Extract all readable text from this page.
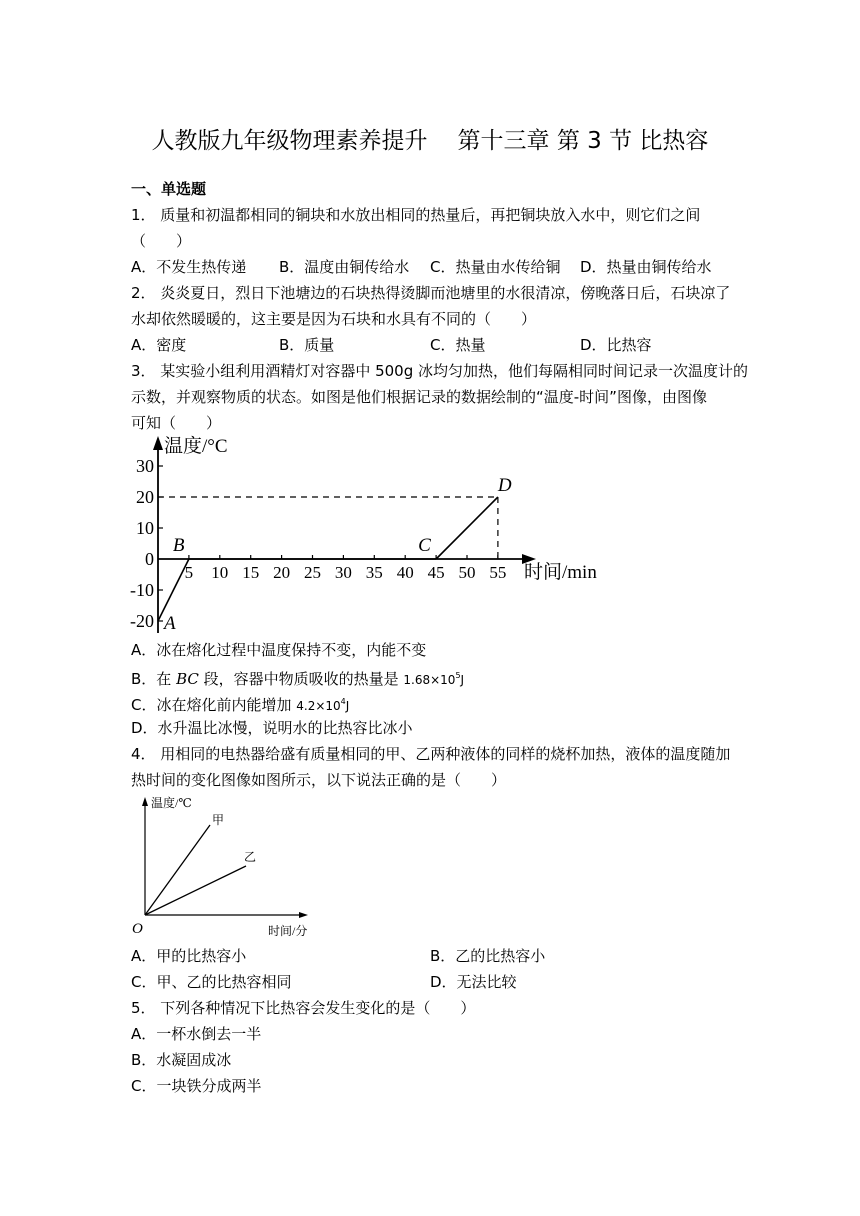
人教版九年级物理素养提升 第十三章 第 3 节 比热容
一、单选题
1． 质量和初温都相同的铜块和水放出相同的热量后，再把铜块放入水中，则它们之间
（　　）
A．不发生热传递 B．温度由铜传给水 C．热量由水传给铜 D．热量由铜传给水
2． 炎炎夏日，烈日下池塘边的石块热得烫脚而池塘里的水很清凉，傍晚落日后，石块凉了
水却依然暖暖的，这主要是因为石块和水具有不同的（　　）
A．密度	B．质量	C．热量	D．比热容
3． 某实验小组利用酒精灯对容器中 500g 冰均匀加热，他们每隔相同时间记录一次温度计的
示数，并观察物质的状态。如图是他们根据记录的数据绘制的“温度-时间”图像，由图像
可知（　　）
温度/°C
时间/min
30
20
10
0
-10
-20
5 10 15 20 25 30 35 40 45 50 55
A
B	C
D
A．冰在熔化过程中温度保持不变，内能不变
B．在 BC 段，容器中物质吸收的热量是 $1.68\times 10^5J$
C．冰在熔化前内能增加 $4.2\times 10^4J$
D．水升温比冰慢，说明水的比热容比冰小
4． 用相同的电热器给盛有质量相同的甲、乙两种液体的同样的烧杯加热，液体的温度随加
热时间的变化图像如图所示，以下说法正确的是（　　）
温度/℃
时间/分
O
甲
乙
A．甲的比热容小	B．乙的比热容小
C．甲、乙的比热容相同	D．无法比较
5． 下列各种情况下比热容会发生变化的是（　　）
A．一杯水倒去一半
B．水凝固成冰
C．一块铁分成两半
